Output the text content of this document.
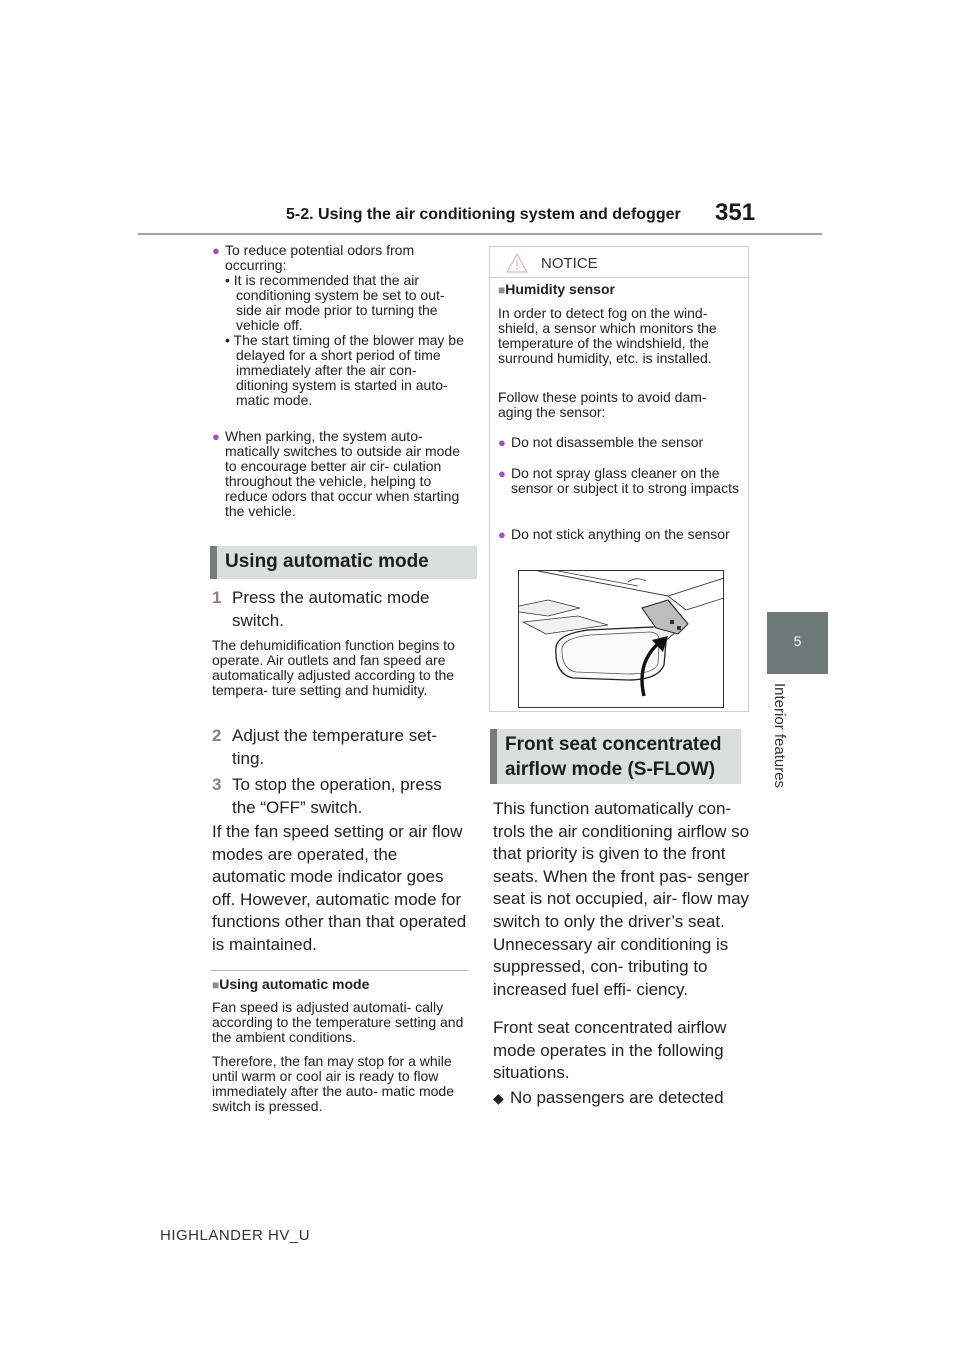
5-2. Using the air conditioning system and defogger 351
5
Interior features
● To reduce potential odors from occurring:
• It is recommended that the air conditioning system be set to out- side air mode prior to turning the vehicle off.
• The start timing of the blower may be delayed for a short period of time immediately after the air con- ditioning system is started in auto- matic mode.
● When parking, the system auto- matically switches to outside air mode to encourage better air cir- culation throughout the vehicle, helping to reduce odors that occur when starting the vehicle.
Using automatic mode
1 Press the automatic mode switch.
The dehumidification function begins to operate. Air outlets and fan speed are automatically adjusted according to the tempera- ture setting and humidity.
2 Adjust the temperature set- ting.
3 To stop the operation, press the “OFF” switch.
If the fan speed setting or air flow modes are operated, the automatic mode indicator goes off. However, automatic mode for functions other than that operated is maintained.
■Using automatic mode
Fan speed is adjusted automati- cally according to the temperature setting and the ambient conditions.
Therefore, the fan may stop for a while until warm or cool air is ready to flow immediately after the auto- matic mode switch is pressed.
NOTICE
■Humidity sensor
In order to detect fog on the wind- shield, a sensor which monitors the temperature of the windshield, the surround humidity, etc. is installed.
Follow these points to avoid dam- aging the sensor:
● Do not disassemble the sensor
● Do not spray glass cleaner on the sensor or subject it to strong impacts
● Do not stick anything on the sensor
Front seat concentrated airflow mode (S-FLOW)
This function automatically con- trols the air conditioning airflow so that priority is given to the front seats. When the front pas- senger seat is not occupied, air- flow may switch to only the driver’s seat. Unnecessary air conditioning is suppressed, con- tributing to increased fuel effi- ciency.
Front seat concentrated airflow mode operates in the following situations.
◆ No passengers are detected
HIGHLANDER HV_U
